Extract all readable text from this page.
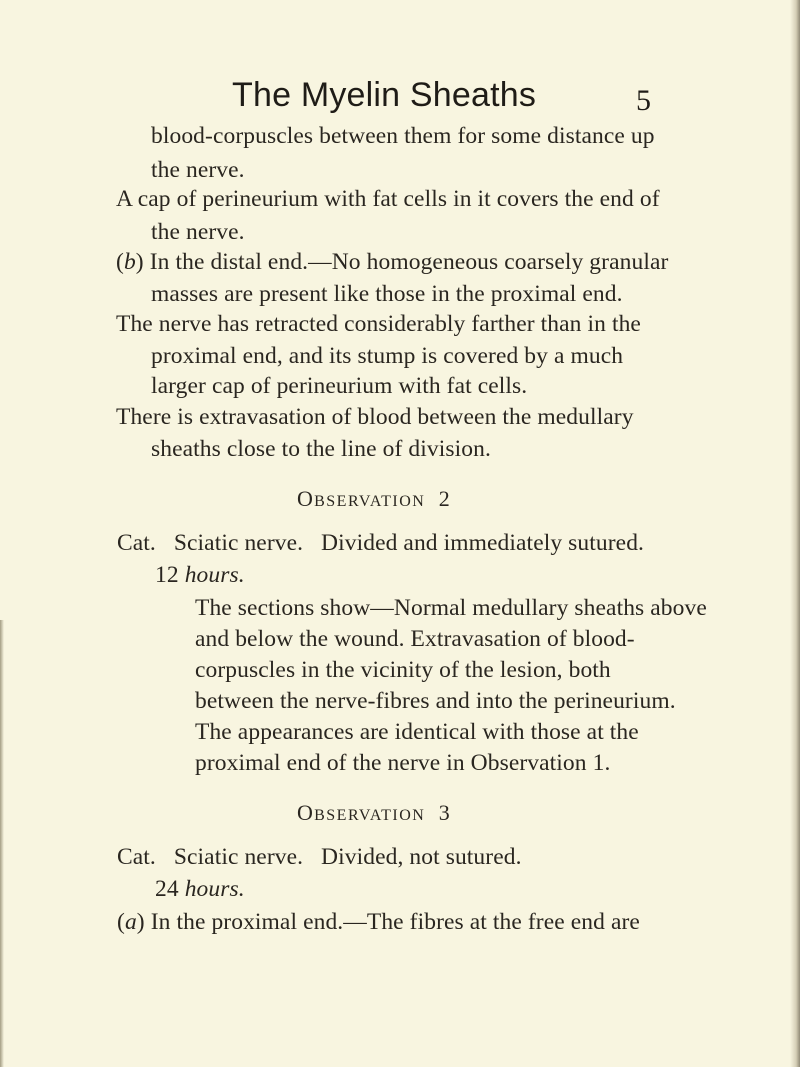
The Myelin Sheaths	5
blood-corpuscles between them for some distance up
the nerve.
A cap of perineurium with fat cells in it covers the end of
the nerve.
(b) In the distal end.—No homogeneous coarsely granular
masses are present like those in the proximal end.
The nerve has retracted considerably farther than in the
proximal end, and its stump is covered by a much
larger cap of perineurium with fat cells.
There is extravasation of blood between the medullary
sheaths close to the line of division.
OBSERVATION 2
Cat.   Sciatic nerve.   Divided and immediately sutured.
12 hours.
The sections show—Normal medullary sheaths above
and below the wound. Extravasation of blood-
corpuscles in the vicinity of the lesion, both
between the nerve-fibres and into the perineurium.
The appearances are identical with those at the
proximal end of the nerve in Observation 1.
OBSERVATION 3
Cat.   Sciatic nerve.   Divided, not sutured.
24 hours.
(a) In the proximal end.—The fibres at the free end are
